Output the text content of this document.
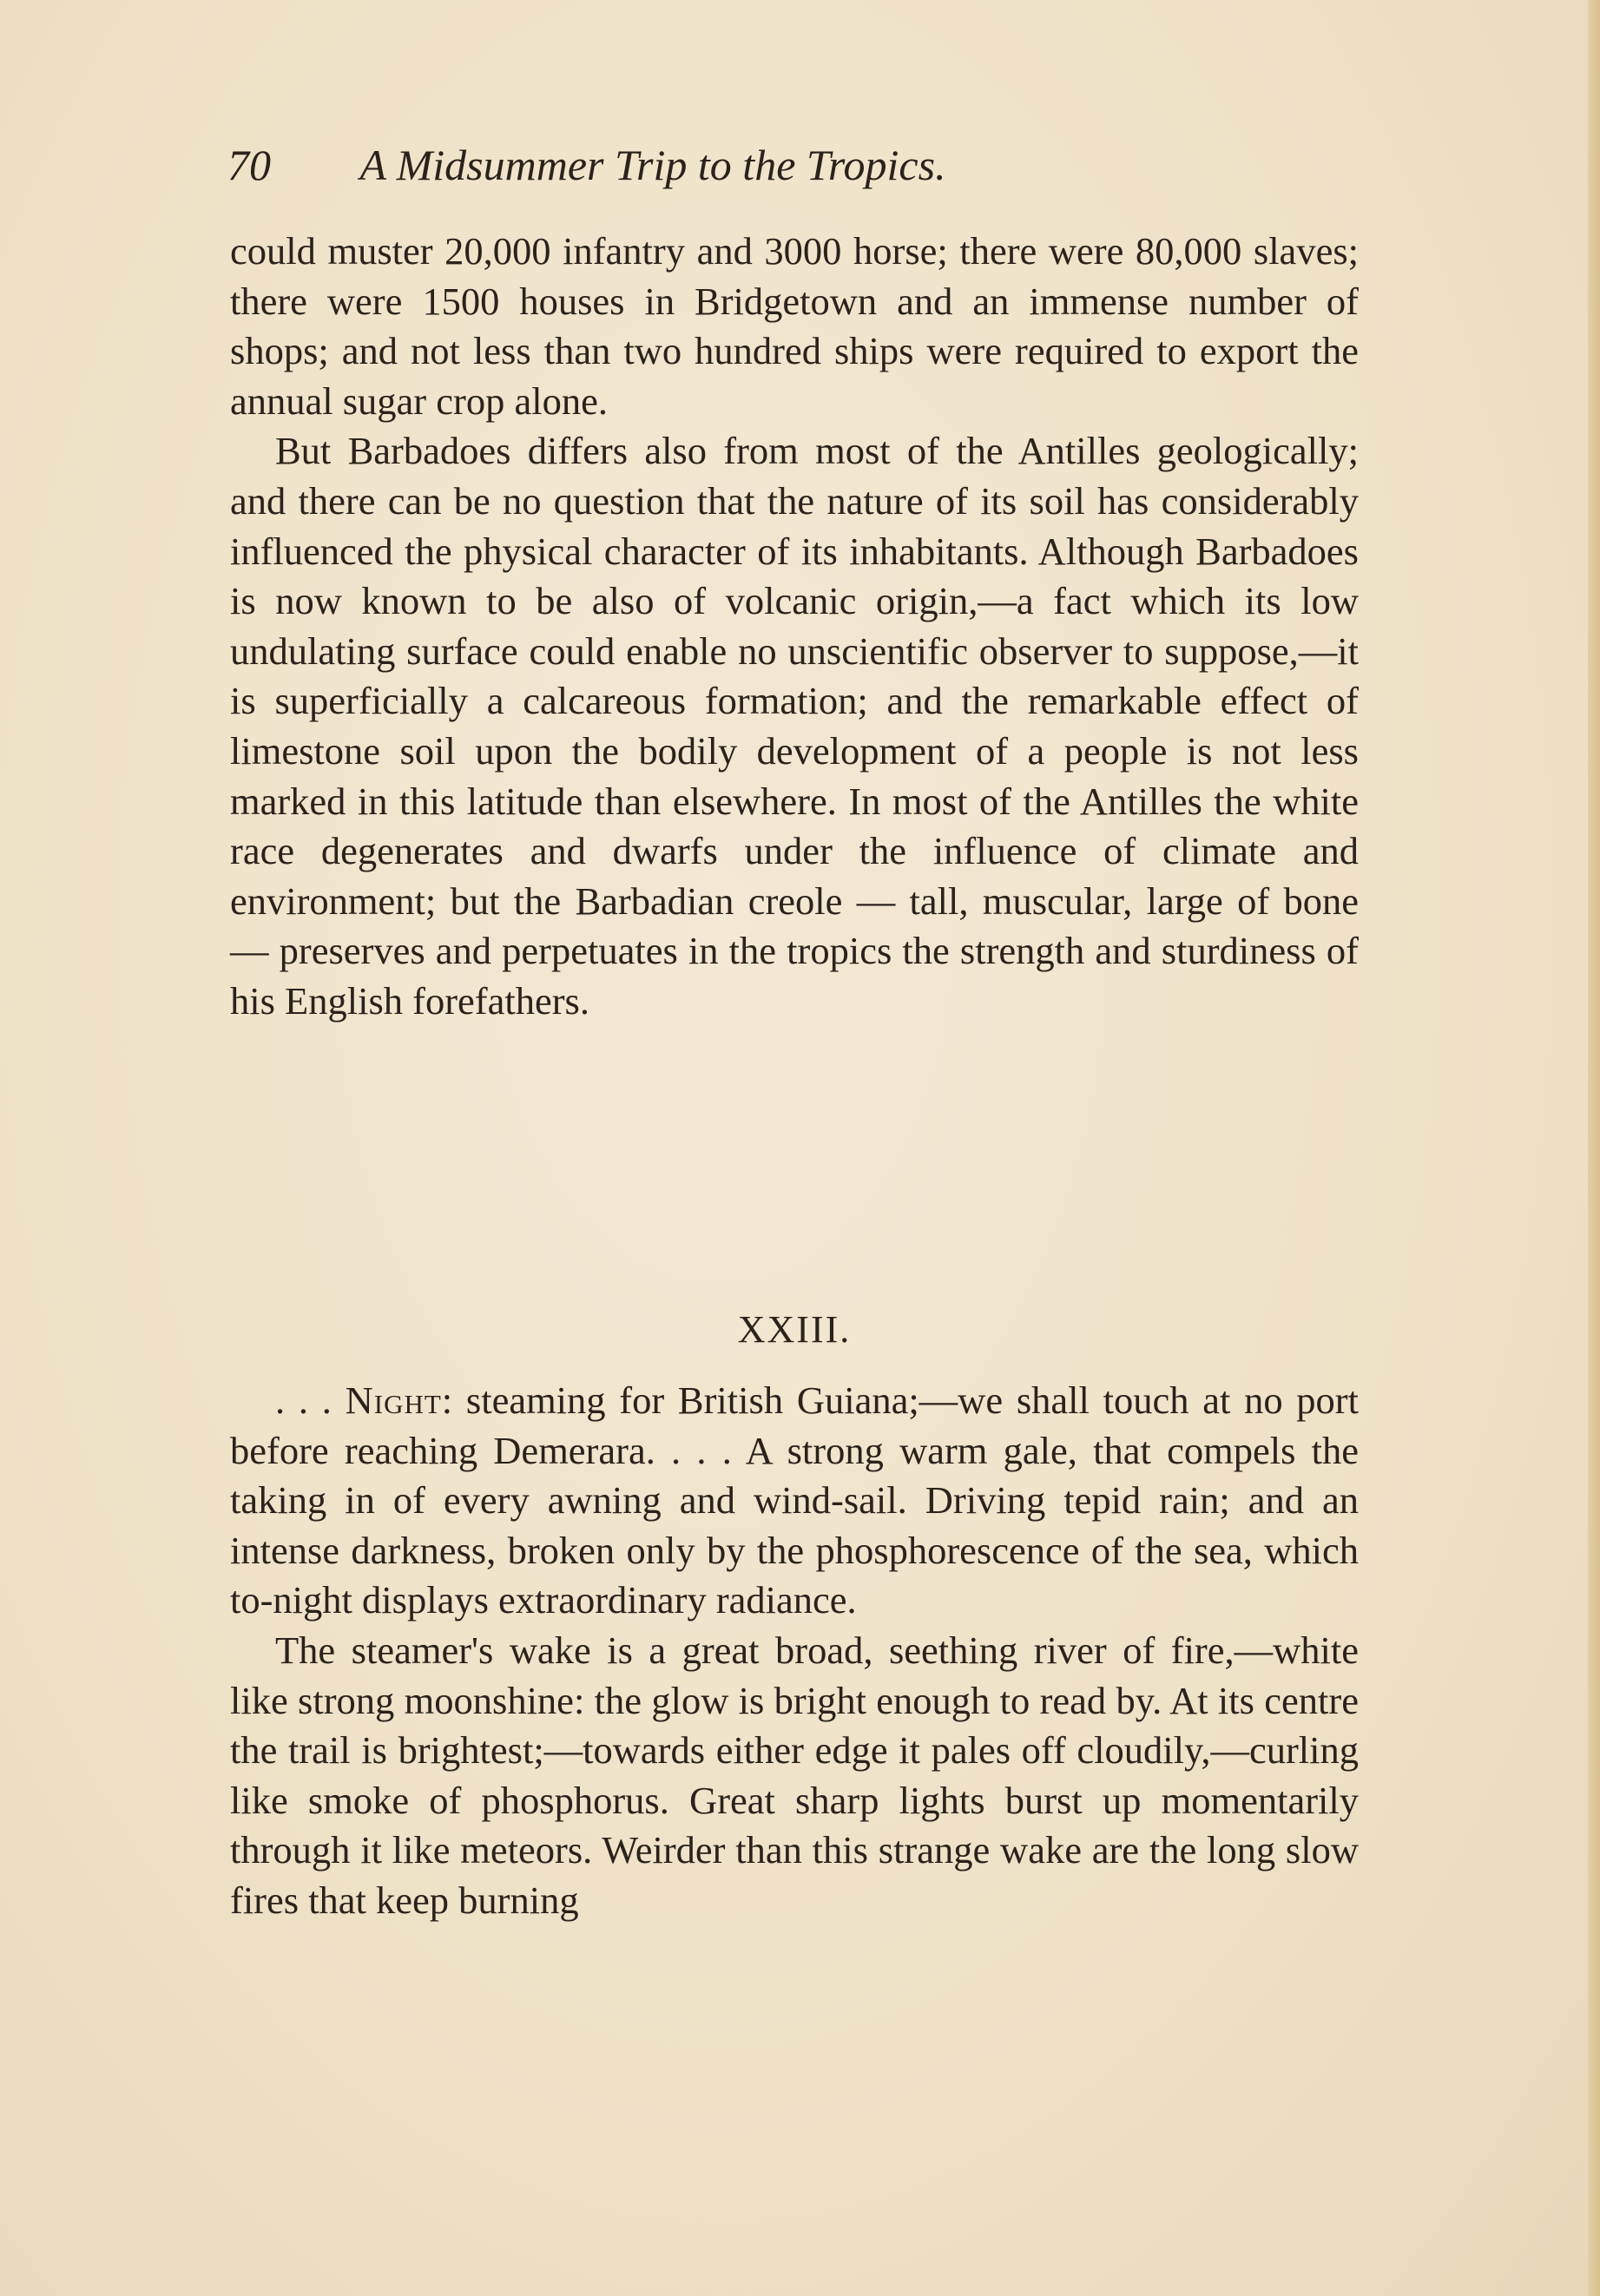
70 A Midsummer Trip to the Tropics.

could muster 20,000 infantry and 3000 horse; there were 80,000 slaves; there were 1500 houses in Bridgetown and an immense number of shops; and not less than two hundred ships were required to export the annual sugar crop alone.

But Barbadoes differs also from most of the Antilles geologically; and there can be no question that the nature of its soil has considerably influenced the physical character of its inhabitants. Although Barbadoes is now known to be also of volcanic origin,—a fact which its low undulating surface could enable no unscientific observer to suppose,—it is superficially a calcareous formation; and the remarkable effect of limestone soil upon the bodily development of a people is not less marked in this latitude than elsewhere. In most of the Antilles the white race degenerates and dwarfs under the influence of climate and environment; but the Barbadian creole — tall, muscular, large of bone — preserves and perpetuates in the tropics the strength and sturdiness of his English forefathers.

XXIII.

. . . Night: steaming for British Guiana;—we shall touch at no port before reaching Demerara. . . . A strong warm gale, that compels the taking in of every awning and wind-sail. Driving tepid rain; and an intense darkness, broken only by the phosphorescence of the sea, which to-night displays extraordinary radiance.

The steamer's wake is a great broad, seething river of fire,—white like strong moonshine: the glow is bright enough to read by. At its centre the trail is brightest;—towards either edge it pales off cloudily,—curling like smoke of phosphorus. Great sharp lights burst up momentarily through it like meteors. Weirder than this strange wake are the long slow fires that keep burning
